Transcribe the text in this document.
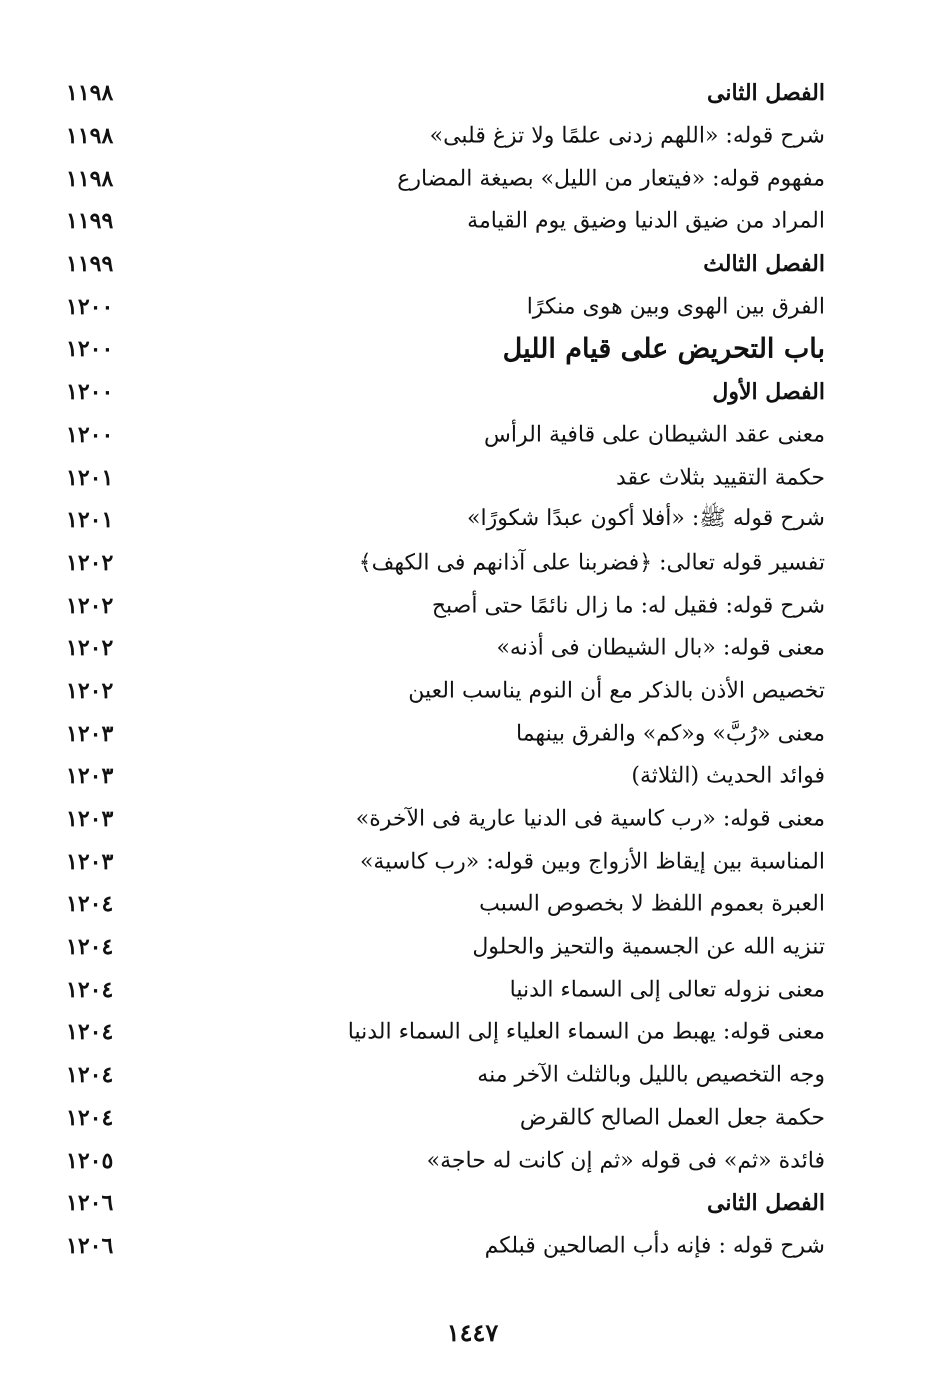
الفصل الثانى
١١٩٨
شرح قوله: «اللهم زدنى علمًا ولا تزغ قلبى»
١١٩٨
مفهوم قوله: «فيتعار من الليل» بصيغة المضارع
١١٩٨
المراد من ضيق الدنيا وضيق يوم القيامة
١١٩٩
الفصل الثالث
١١٩٩
الفرق بين الهوى وبين هوى منكرًا
١٢٠٠
باب التحريض على قيام الليل
١٢٠٠
الفصل الأول
١٢٠٠
معنى عقد الشيطان على قافية الرأس
١٢٠٠
حكمة التقييد بثلاث عقد
١٢٠١
شرح قوله ﷺ: «أفلا أكون عبدًا شكورًا»
١٢٠١
تفسير قوله تعالى: ﴿فضربنا على آذانهم فى الكهف﴾
١٢٠٢
شرح قوله: فقيل له: ما زال نائمًا حتى أصبح
١٢٠٢
معنى قوله: «بال الشيطان فى أذنه»
١٢٠٢
تخصيص الأذن بالذكر مع أن النوم يناسب العين
١٢٠٢
معنى «رُبَّ» و«كم» والفرق بينهما
١٢٠٣
فوائد الحديث (الثلاثة)
١٢٠٣
معنى قوله: «رب كاسية فى الدنيا عارية فى الآخرة»
١٢٠٣
المناسبة بين إيقاظ الأزواج وبين قوله: «رب كاسية»
١٢٠٣
العبرة بعموم اللفظ لا بخصوص السبب
١٢٠٤
تنزيه الله عن الجسمية والتحيز والحلول
١٢٠٤
معنى نزوله تعالى إلى السماء الدنيا
١٢٠٤
معنى قوله: يهبط من السماء العلياء إلى السماء الدنيا
١٢٠٤
وجه التخصيص بالليل وبالثلث الآخر منه
١٢٠٤
حكمة جعل العمل الصالح كالقرض
١٢٠٤
فائدة «ثم» فى قوله «ثم إن كانت له حاجة»
١٢٠٥
الفصل الثانى
١٢٠٦
شرح قوله : فإنه دأب الصالحين قبلكم
١٢٠٦
١٤٤٧
